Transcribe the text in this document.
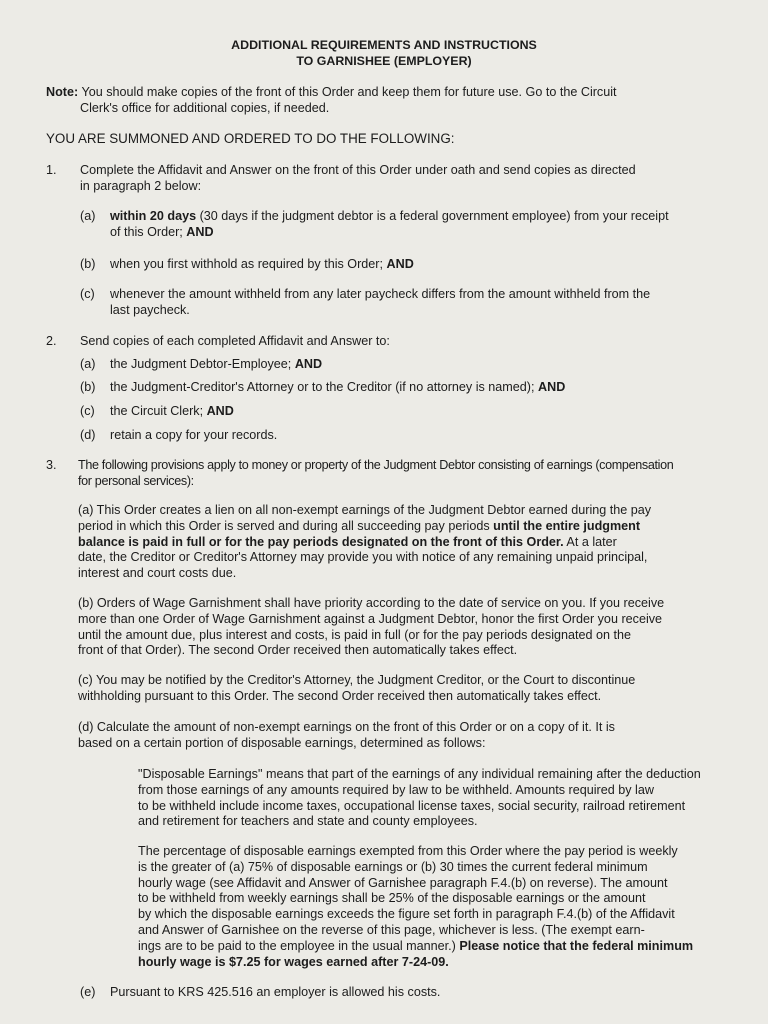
ADDITIONAL REQUIREMENTS AND INSTRUCTIONS
TO GARNISHEE (EMPLOYER)
Note: You should make copies of the front of this Order and keep them for future use. Go to the Circuit
Clerk's office for additional copies, if needed.
YOU ARE SUMMONED AND ORDERED TO DO THE FOLLOWING:
1. Complete the Affidavit and Answer on the front of this Order under oath and send copies as directed
in paragraph 2 below:
(a) within 20 days (30 days if the judgment debtor is a federal government employee) from your receipt
of this Order; AND
(b) when you first withhold as required by this Order; AND
(c) whenever the amount withheld from any later paycheck differs from the amount withheld from the
last paycheck.
2. Send copies of each completed Affidavit and Answer to:
(a) the Judgment Debtor-Employee; AND
(b) the Judgment-Creditor's Attorney or to the Creditor (if no attorney is named); AND
(c) the Circuit Clerk; AND
(d) retain a copy for your records.
3. The following provisions apply to money or property of the Judgment Debtor consisting of earnings (compensation
for personal services):
(a) This Order creates a lien on all non-exempt earnings of the Judgment Debtor earned during the pay
period in which this Order is served and during all succeeding pay periods until the entire judgment
balance is paid in full or for the pay periods designated on the front of this Order. At a later
date, the Creditor or Creditor's Attorney may provide you with notice of any remaining unpaid principal,
interest and court costs due.
(b) Orders of Wage Garnishment shall have priority according to the date of service on you. If you receive
more than one Order of Wage Garnishment against a Judgment Debtor, honor the first Order you receive
until the amount due, plus interest and costs, is paid in full (or for the pay periods designated on the
front of that Order). The second Order received then automatically takes effect.
(c) You may be notified by the Creditor's Attorney, the Judgment Creditor, or the Court to discontinue
withholding pursuant to this Order. The second Order received then automatically takes effect.
(d) Calculate the amount of non-exempt earnings on the front of this Order or on a copy of it. It is
based on a certain portion of disposable earnings, determined as follows:
"Disposable Earnings" means that part of the earnings of any individual remaining after the deduction
from those earnings of any amounts required by law to be withheld. Amounts required by law
to be withheld include income taxes, occupational license taxes, social security, railroad retirement
and retirement for teachers and state and county employees.
The percentage of disposable earnings exempted from this Order where the pay period is weekly
is the greater of (a) 75% of disposable earnings or (b) 30 times the current federal minimum
hourly wage (see Affidavit and Answer of Garnishee paragraph F.4.(b) on reverse). The amount
to be withheld from weekly earnings shall be 25% of the disposable earnings or the amount
by which the disposable earnings exceeds the figure set forth in paragraph F.4.(b) of the Affidavit
and Answer of Garnishee on the reverse of this page, whichever is less. (The exempt earn-
ings are to be paid to the employee in the usual manner.) Please notice that the federal minimum
hourly wage is $7.25 for wages earned after 7-24-09.
(e) Pursuant to KRS 425.516 an employer is allowed his costs.
